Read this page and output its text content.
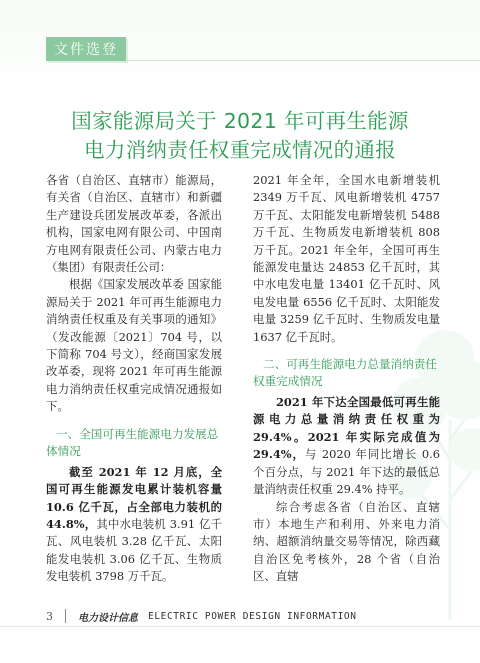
文件选登
国家能源局关于 2021 年可再生能源
电力消纳责任权重完成情况的通报

各省（自治区、直辖市）能源局，有关省（自治区、直辖市）和新疆生产建设兵团发展改革委，各派出机构，国家电网有限公司、中国南方电网有限责任公司、内蒙古电力（集团）有限责任公司：

根据《国家发展改革委 国家能源局关于 2021 年可再生能源电力消纳责任权重及有关事项的通知》（发改能源〔2021〕704 号，以下简称 704 号文），经商国家发展改革委，现将 2021 年可再生能源电力消纳责任权重完成情况通报如下。

一、全国可再生能源电力发展总体情况

截至 2021 年 12 月底，全国可再生能源发电累计装机容量 10.6 亿千瓦，占全部电力装机的 44.8%，其中水电装机 3.91 亿千瓦、风电装机 3.28 亿千瓦、太阳能发电装机 3.06 亿千瓦、生物质发电装机 3798 万千瓦。

2021 年全年，全国水电新增装机 2349 万千瓦、风电新增装机 4757 万千瓦、太阳能发电新增装机 5488 万千瓦、生物质发电新增装机 808 万千瓦。2021 年全年，全国可再生能源发电量达 24853 亿千瓦时，其中水电发电量 13401 亿千瓦时、风电发电量 6556 亿千瓦时、太阳能发电量 3259 亿千瓦时、生物质发电量 1637 亿千瓦时。

二、可再生能源电力总量消纳责任权重完成情况

2021 年下达全国最低可再生能源电力总量消纳责任权重为 29.4%。2021 年实际完成值为 29.4%，与 2020 年同比增长 0.6 个百分点，与 2021 年下达的最低总量消纳责任权重 29.4% 持平。

综合考虑各省（自治区、直辖市）本地生产和利用、外来电力消纳、超额消纳量交易等情况，除西藏自治区免考核外，28 个省（自治区、直辖

3	电力设计信息 ELECTRIC POWER DESIGN INFORMATION
